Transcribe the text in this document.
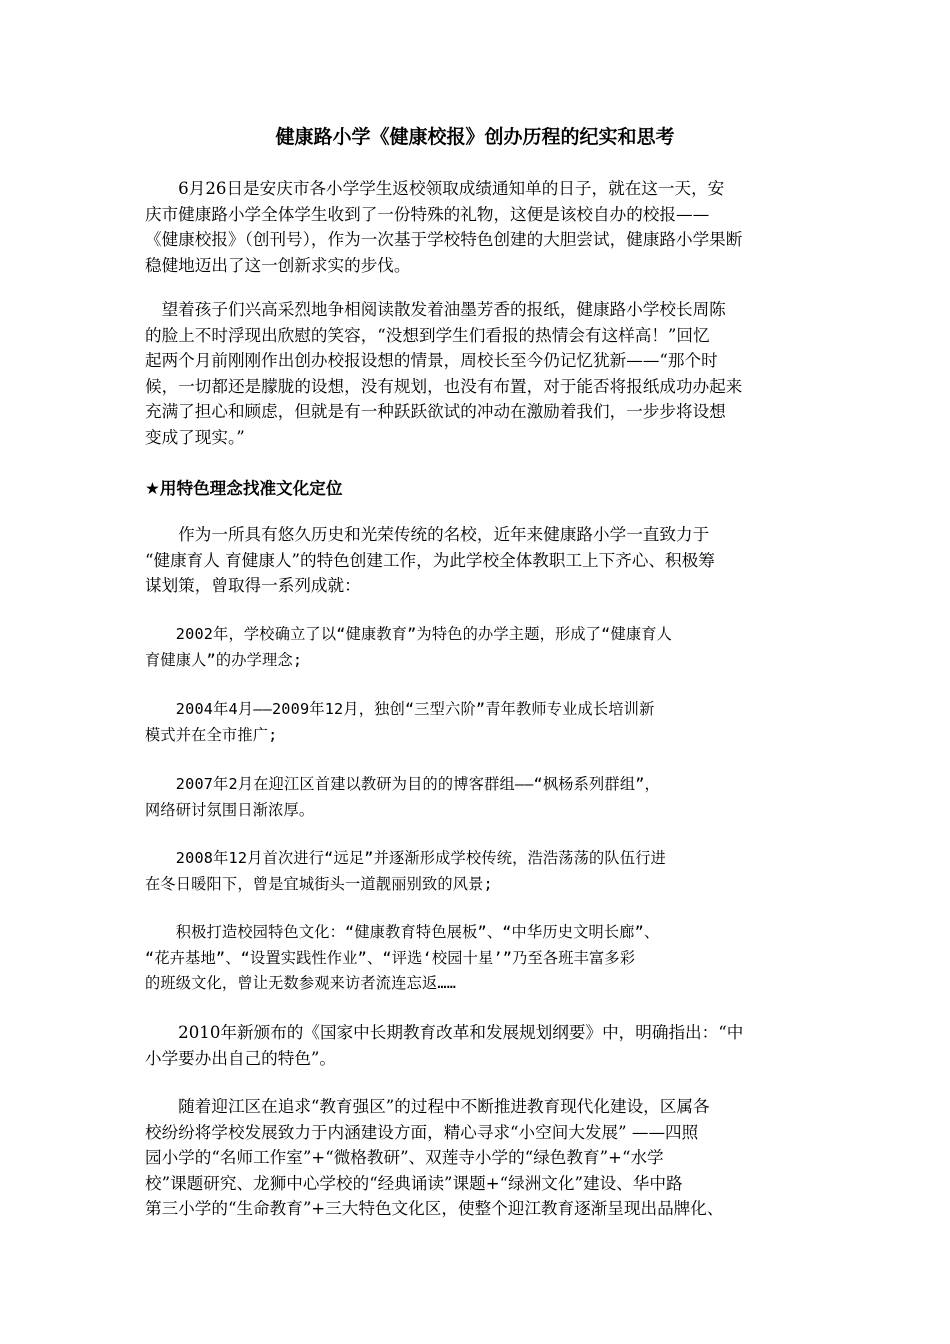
健康路小学《健康校报》创办历程的纪实和思考
　　6月26日是安庆市各小学学生返校领取成绩通知单的日子，就在这一天，安
庆市健康路小学全体学生收到了一份特殊的礼物，这便是该校自办的校报——
《健康校报》（创刊号），作为一次基于学校特色创建的大胆尝试，健康路小学果断
稳健地迈出了这一创新求实的步伐。
　望着孩子们兴高采烈地争相阅读散发着油墨芳香的报纸，健康路小学校长周陈
的脸上不时浮现出欣慰的笑容，“没想到学生们看报的热情会有这样高！”回忆
起两个月前刚刚作出创办校报设想的情景，周校长至今仍记忆犹新——“那个时
候，一切都还是朦胧的设想，没有规划，也没有布置，对于能否将报纸成功办起来
充满了担心和顾虑，但就是有一种跃跃欲试的冲动在激励着我们，一步步将设想
变成了现实。”
★用特色理念找准文化定位
　　作为一所具有悠久历史和光荣传统的名校，近年来健康路小学一直致力于
“健康育人 育健康人”的特色创建工作，为此学校全体教职工上下齐心、积极筹
谋划策，曾取得一系列成就：
　　2002年，学校确立了以“健康教育”为特色的办学主题，形成了“健康育人
育健康人”的办学理念;
　　2004年4月——2009年12月，独创“三型六阶”青年教师专业成长培训新
模式并在全市推广;
　　2007年2月在迎江区首建以教研为目的的博客群组——“枫杨系列群组”，
网络研讨氛围日渐浓厚。
　　2008年12月首次进行“远足”并逐渐形成学校传统，浩浩荡荡的队伍行进
在冬日暖阳下，曾是宜城街头一道靓丽别致的风景;
　　积极打造校园特色文化：“健康教育特色展板”、“中华历史文明长廊”、
“花卉基地”、“设置实践性作业”、“评选‘校园十星’”乃至各班丰富多彩
的班级文化，曾让无数参观来访者流连忘返……
　　2010年新颁布的《国家中长期教育改革和发展规划纲要》中，明确指出：“中
小学要办出自己的特色”。
　　随着迎江区在追求“教育强区”的过程中不断推进教育现代化建设，区属各
校纷纷将学校发展致力于内涵建设方面，精心寻求“小空间大发展” ——四照
园小学的“名师工作室”+“微格教研”、双莲寺小学的“绿色教育”+“水学
校”课题研究、龙狮中心学校的“经典诵读”课题+“绿洲文化”建设、华中路
第三小学的“生命教育”+三大特色文化区，使整个迎江教育逐渐呈现出品牌化、
